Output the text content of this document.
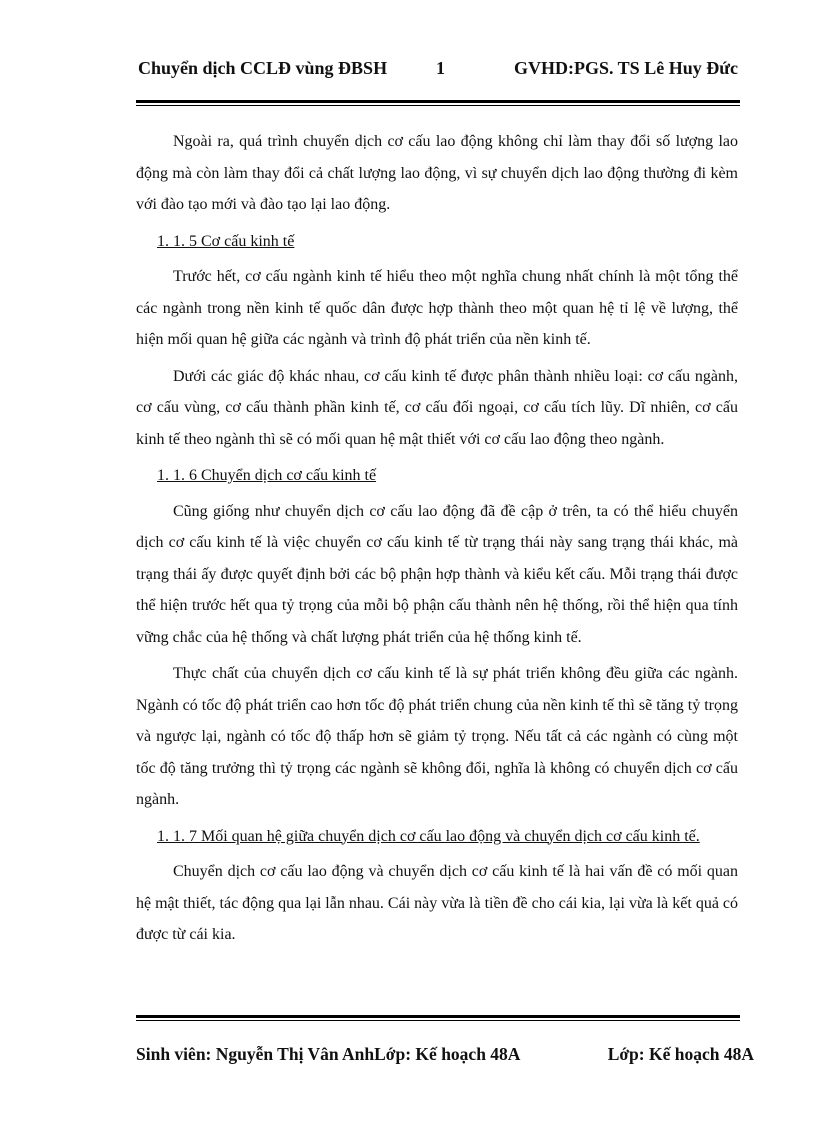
Chuyển dịch CCLĐ vùng ĐBSH	1	GVHD:PGS. TS Lê Huy Đức

Ngoài ra, quá trình chuyển dịch cơ cấu lao động không chỉ làm thay đổi số lượng lao động mà còn làm thay đổi cả chất lượng lao động, vì sự chuyển dịch lao động thường đi kèm với đào tạo mới và đào tạo lại lao động.

1. 1. 5 Cơ cấu kinh tế

Trước hết, cơ cấu ngành kinh tế hiểu theo một nghĩa chung nhất chính là một tổng thể các ngành trong nền kinh tế quốc dân được hợp thành theo một quan hệ tỉ lệ về lượng, thể hiện mối quan hệ giữa các ngành và trình độ phát triển của nền kinh tế.

Dưới các giác độ khác nhau, cơ cấu kinh tế được phân thành nhiều loại: cơ cấu ngành, cơ cấu vùng, cơ cấu thành phần kinh tế, cơ cấu đối ngoại, cơ cấu tích lũy. Dĩ nhiên, cơ cấu kinh tế theo ngành thì sẽ có mối quan hệ mật thiết với cơ cấu lao động theo ngành.

1. 1. 6 Chuyển dịch cơ cấu kinh tế

Cũng giống như chuyển dịch cơ cấu lao động đã đề cập ở trên, ta có thể hiểu chuyển dịch cơ cấu kinh tế là việc chuyển cơ cấu kinh tế từ trạng thái này sang trạng thái khác, mà trạng thái ấy được quyết định bởi các bộ phận hợp thành và kiểu kết cấu. Mỗi trạng thái được thể hiện trước hết qua tỷ trọng của mỗi bộ phận cấu thành nên hệ thống, rồi thể hiện qua tính vững chắc của hệ thống và chất lượng phát triển của hệ thống kinh tế.

Thực chất của chuyển dịch cơ cấu kinh tế là sự phát triển không đều giữa các ngành. Ngành có tốc độ phát triển cao hơn tốc độ phát triển chung của nền kinh tế thì sẽ tăng tỷ trọng và ngược lại, ngành có tốc độ thấp hơn sẽ giảm tỷ trọng. Nếu tất cả các ngành có cùng một tốc độ tăng trưởng thì tỷ trọng các ngành sẽ không đổi, nghĩa là không có chuyển dịch cơ cấu ngành.

1. 1. 7 Mối quan hệ giữa chuyển dịch cơ cấu lao động và chuyển dịch cơ cấu kinh tế.

Chuyển dịch cơ cấu lao động và chuyển dịch cơ cấu kinh tế là hai vấn đề có mối quan hệ mật thiết, tác động qua lại lẫn nhau. Cái này vừa là tiền đề cho cái kia, lại vừa là kết quả có được từ cái kia.

Sinh viên: Nguyễn Thị Vân AnhLớp: Kế hoạch 48A	Lớp: Kế hoạch 48A
